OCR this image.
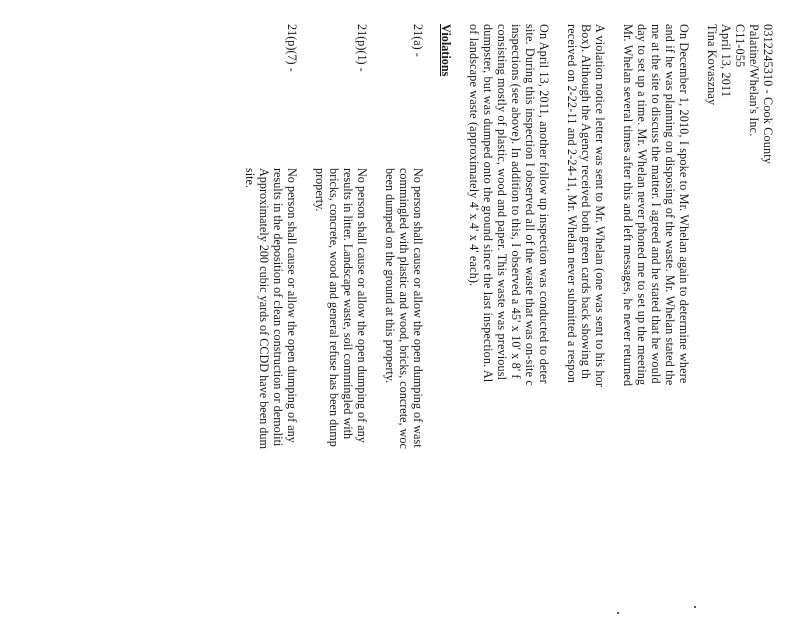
0312245310 - Cook County
Palatine/Whelan's Inc.
C11-055
April 13, 2011
Tina Kovasznay
On December 1, 2010, I spoke to Mr. Whelan again to determine where
and if he was planning on disposing of the waste. Mr. Whelan stated the
me at the site to discuss the matter. I agreed and he stated that he would
day to set up a time. Mr. Whelan never phoned me to set up the meeting
Mr. Whelan several times after this and left messages, he never returned
A violation notice letter was sent to Mr. Whelan (one was sent to his hor
Box). Although the Agency received both green cards back showing th
received on 2-22-11 and 2-24-11, Mr. Whelan never submitted a respon
On April 13, 2011, another follow up inspection was conducted to deter
site. During this inspection I observed all of the waste that was on-site c
inspections (see above). In addition to this, I observed a 45' x 10' x 8' f
consisting mostly of plastic, wood and paper. This waste was previousl
dumpster, but was dumped onto the ground since the last inspection. Al
of landscape waste (approximately 4' x 4' x 4' each).
Violations
21(a) -
No person shall cause or allow the open dumping of wast
commingled with plastic and wood, bricks, concrete, woc
been dumped on the ground at this property.
21(p)(1) -
No person shall cause or allow the open dumping of any
results in litter. Landscape waste, soil commingled with
bricks, concrete, wood and general refuse has been dump
property.
21(p)(7) -
No person shall cause or allow the open dumping of any
results in the deposition of clean construction or demoliti
Approximately 200 cubic yards of CCDD have been dum
site.
